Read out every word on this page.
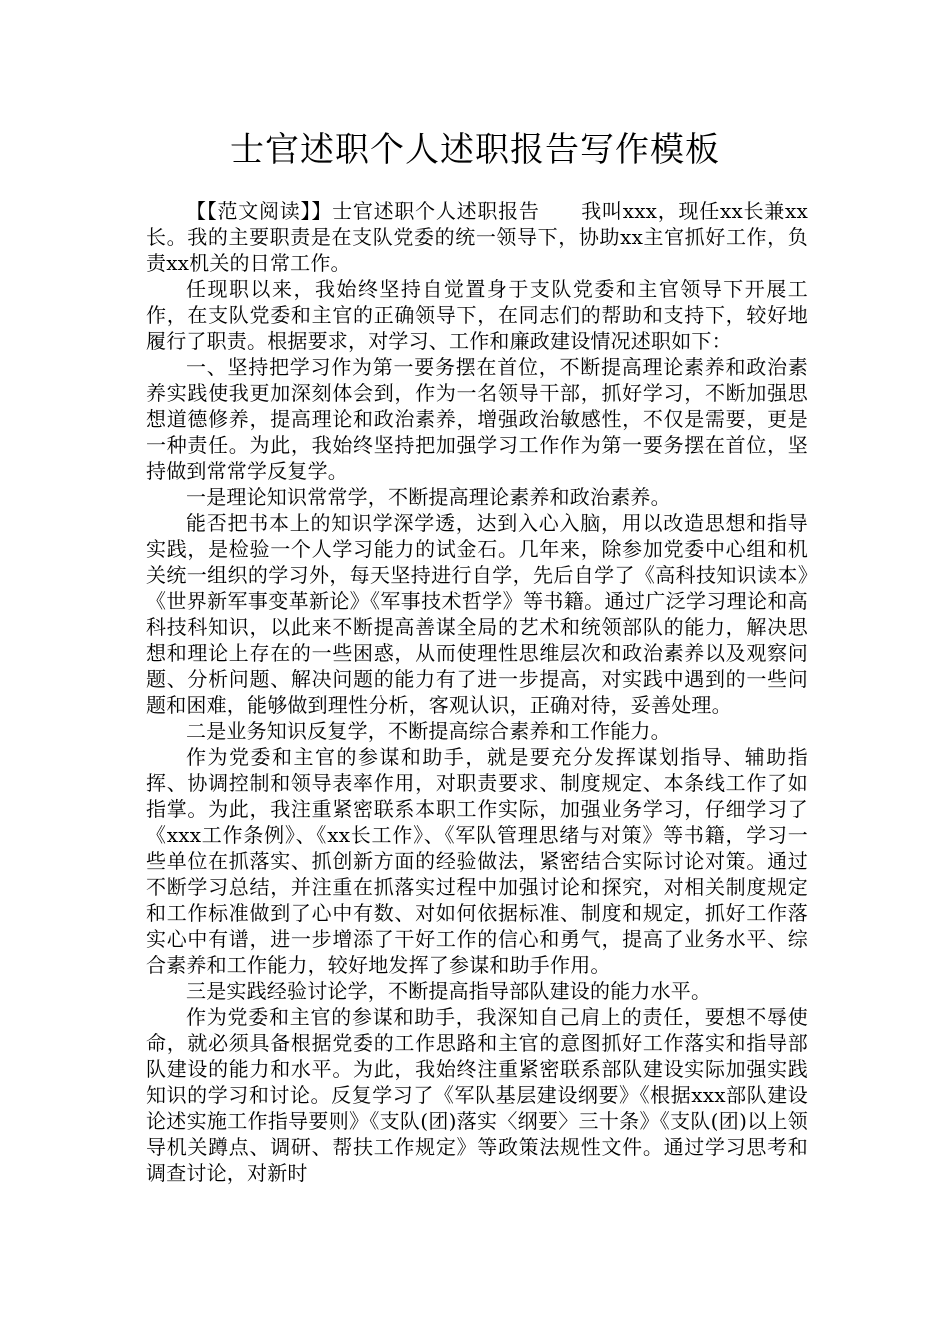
士官述职个人述职报告写作模板

【【范文阅读】】士官述职个人述职报告　　我叫xxx，现任xx长兼xx长。我的主要职责是在支队党委的统一领导下，协助xx主官抓好工作，负责xx机关的日常工作。

任现职以来，我始终坚持自觉置身于支队党委和主官领导下开展工作，在支队党委和主官的正确领导下，在同志们的帮助和支持下，较好地履行了职责。根据要求，对学习、工作和廉政建设情况述职如下：

一、坚持把学习作为第一要务摆在首位，不断提高理论素养和政治素养实践使我更加深刻体会到，作为一名领导干部，抓好学习，不断加强思想道德修养，提高理论和政治素养，增强政治敏感性，不仅是需要，更是一种责任。为此，我始终坚持把加强学习工作作为第一要务摆在首位，坚持做到常常学反复学。

一是理论知识常常学，不断提高理论素养和政治素养。

能否把书本上的知识学深学透，达到入心入脑，用以改造思想和指导实践，是检验一个人学习能力的试金石。几年来，除参加党委中心组和机关统一组织的学习外，每天坚持进行自学，先后自学了《高科技知识读本》《世界新军事变革新论》《军事技术哲学》等书籍。通过广泛学习理论和高科技科知识，以此来不断提高善谋全局的艺术和统领部队的能力，解决思想和理论上存在的一些困惑，从而使理性思维层次和政治素养以及观察问题、分析问题、解决问题的能力有了进一步提高，对实践中遇到的一些问题和困难，能够做到理性分析，客观认识，正确对待，妥善处理。

二是业务知识反复学，不断提高综合素养和工作能力。

作为党委和主官的参谋和助手，就是要充分发挥谋划指导、辅助指挥、协调控制和领导表率作用，对职责要求、制度规定、本条线工作了如指掌。为此，我注重紧密联系本职工作实际，加强业务学习，仔细学习了《xxx工作条例》、《xx长工作》、《军队管理思绪与对策》等书籍，学习一些单位在抓落实、抓创新方面的经验做法，紧密结合实际讨论对策。通过不断学习总结，并注重在抓落实过程中加强讨论和探究，对相关制度规定和工作标准做到了心中有数、对如何依据标准、制度和规定，抓好工作落实心中有谱，进一步增添了干好工作的信心和勇气，提高了业务水平、综合素养和工作能力，较好地发挥了参谋和助手作用。

三是实践经验讨论学，不断提高指导部队建设的能力水平。

作为党委和主官的参谋和助手，我深知自己肩上的责任，要想不辱使命，就必须具备根据党委的工作思路和主官的意图抓好工作落实和指导部队建设的能力和水平。为此，我始终注重紧密联系部队建设实际加强实践知识的学习和讨论。反复学习了《军队基层建设纲要》《根据xxx部队建设论述实施工作指导要则》《支队(团)落实〈纲要〉三十条》《支队(团)以上领导机关蹲点、调研、帮扶工作规定》等政策法规性文件。通过学习思考和调查讨论，对新时
